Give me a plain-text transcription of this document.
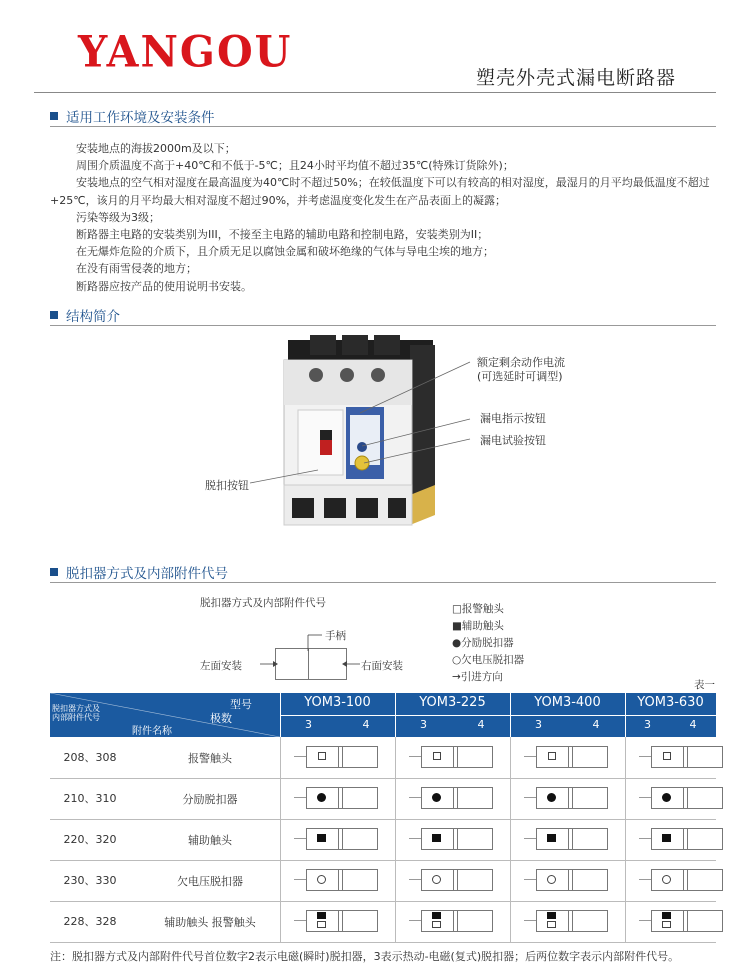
YANGOU
塑壳外壳式漏电断路器
适用工作环境及安装条件

安装地点的海拔2000m及以下；

周围介质温度不高于+40℃和不低于-5℃；且24小时平均值不超过35℃(特殊订货除外)；

安装地点的空气相对湿度在最高温度为40℃时不超过50%；在较低温度下可以有较高的相对湿度，最湿月的月平均最低温度不超过+25℃，该月的月平均最大相对湿度不超过90%，并考虑温度变化发生在产品表面上的凝露；

污染等级为3级；

断路器主电路的安装类别为III，不接至主电路的辅助电路和控制电路，安装类别为II；

在无爆炸危险的介质下，且介质无足以腐蚀金属和破坏绝缘的气体与导电尘埃的地方；

在没有雨雪侵袭的地方；

断路器应按产品的使用说明书安装。

结构简介
额定剩余动作电流
(可选延时可调型)
漏电指示按钮
漏电试验按钮
脱扣按钮
脱扣器方式及内部附件代号
脱扣器方式及内部附件代号
手柄
左面安装	右面安装
□报警触头
■辅助触头
●分励脱扣器
○欠电压脱扣器
→引进方向
表一
型号
极数
脱扣器方式及内部附件代号
附件名称
YOM3-100	YOM3-225	YOM3-400	YOM3-630
3	4	3	4	3	4	3	4
208、308	报警触头
210、310	分励脱扣器
220、320	辅助触头
230、330	欠电压脱扣器
228、328	辅助触头 报警触头
注：脱扣器方式及内部附件代号首位数字2表示电磁(瞬时)脱扣器，3表示热动-电磁(复式)脱扣器；后两位数字表示内部附件代号。
